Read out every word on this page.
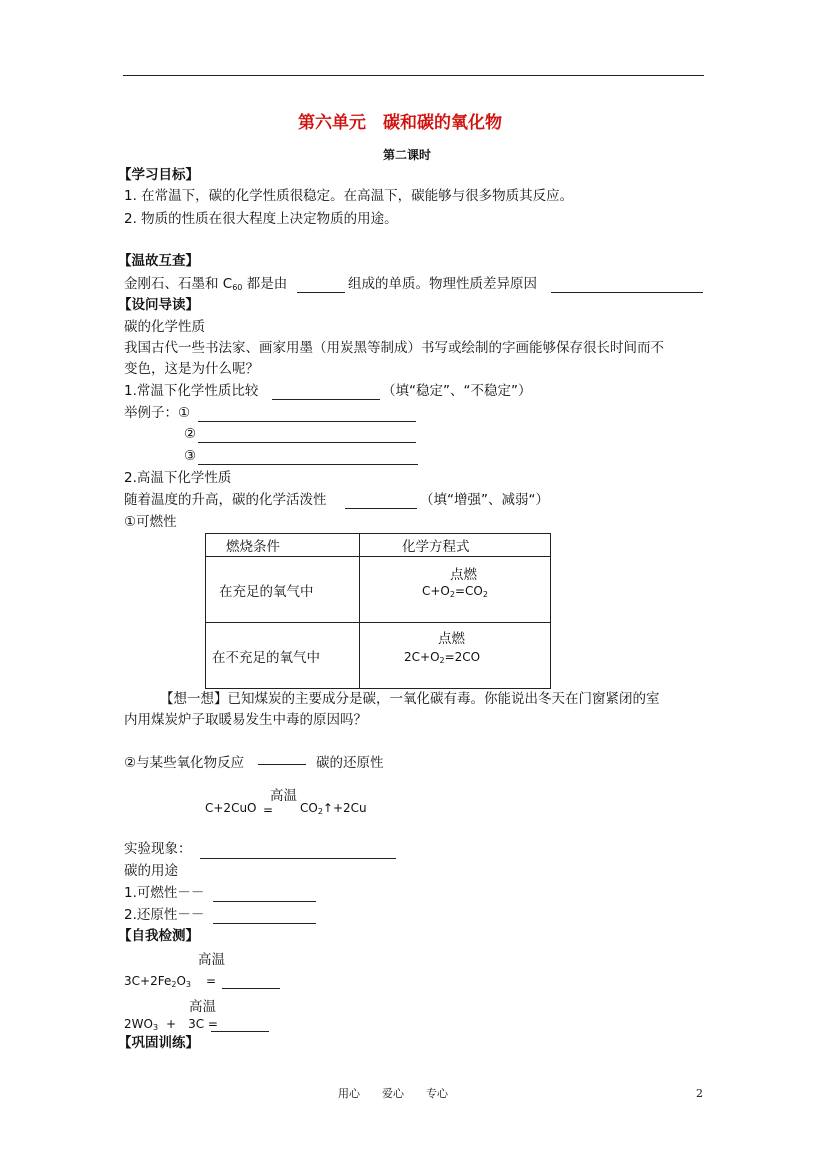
第六单元　碳和碳的氧化物
第二课时
【学习目标】
1. 在常温下，碳的化学性质很稳定。在高温下，碳能够与很多物质其反应。
2. 物质的性质在很大程度上决定物质的用途。
【温故互查】
金刚石、石墨和 $C_{60}$ 都是由	组成的单质。物理性质差异原因
【设问导读】
碳的化学性质
我国古代一些书法家、画家用墨（用炭黑等制成）书写或绘制的字画能够保存很长时间而不
变色，这是为什么呢？
1.常温下化学性质比较	（填“稳定”、“不稳定”）
举例子：①
②
③
2.高温下化学性质
随着温度的升高，碳的化学活泼性	（填“增强”、减弱“）
①可燃性
燃烧条件	化学方程式
在充足的氧气中	点燃
$C+O_2=CO_2$

在不充足的氧气中	点燃
$2C+O_2=2CO$
【想一想】已知煤炭的主要成分是碳，一氧化碳有毒。你能说出冬天在门窗紧闭的室
内用煤炭炉子取暖易发生中毒的原因吗？
②与某些氧化物反应	碳的还原性
高温
$C+2CuO = CO_2↑+2Cu$
实验现象：
碳的用途
1.可燃性－－
2.还原性－－
【自我检测】
高温
$3C+2Fe_2O_3$ =
高温
$2WO_3$ +　3C =
【巩固训练】
用心　　爱心　　专心	2
